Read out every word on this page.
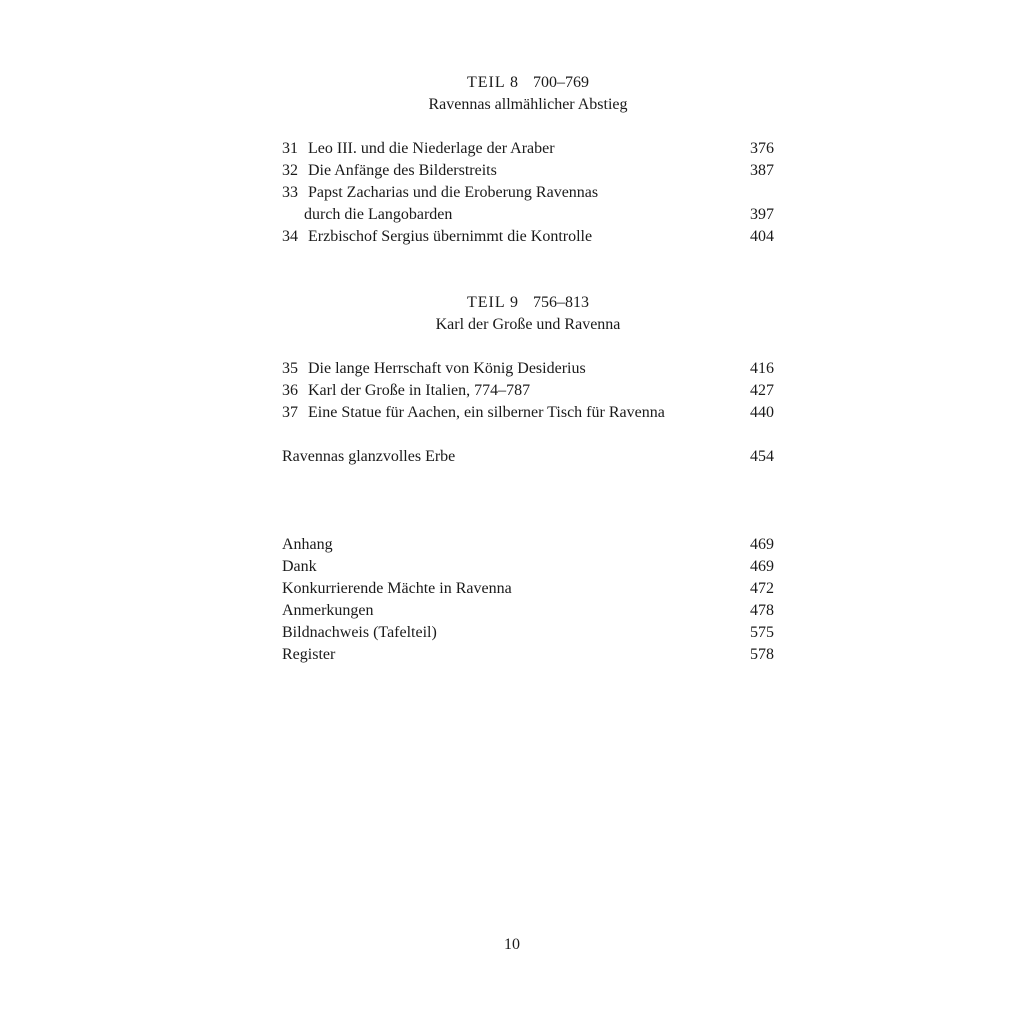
TEIL 8 700–769
Ravennas allmählicher Abstieg
31 Leo III. und die Niederlage der Araber	376
32 Die Anfänge des Bilderstreits	387
33 Papst Zacharias und die Eroberung Ravennas
durch die Langobarden	397
34 Erzbischof Sergius übernimmt die Kontrolle	404
TEIL 9 756–813
Karl der Große und Ravenna
35 Die lange Herrschaft von König Desiderius	416
36 Karl der Große in Italien, 774–787	427
37 Eine Statue für Aachen, ein silberner Tisch für Ravenna	440
Ravennas glanzvolles Erbe	454
Anhang	469
Dank	469
Konkurrierende Mächte in Ravenna	472
Anmerkungen	478
Bildnachweis (Tafelteil)	575
Register	578
10
